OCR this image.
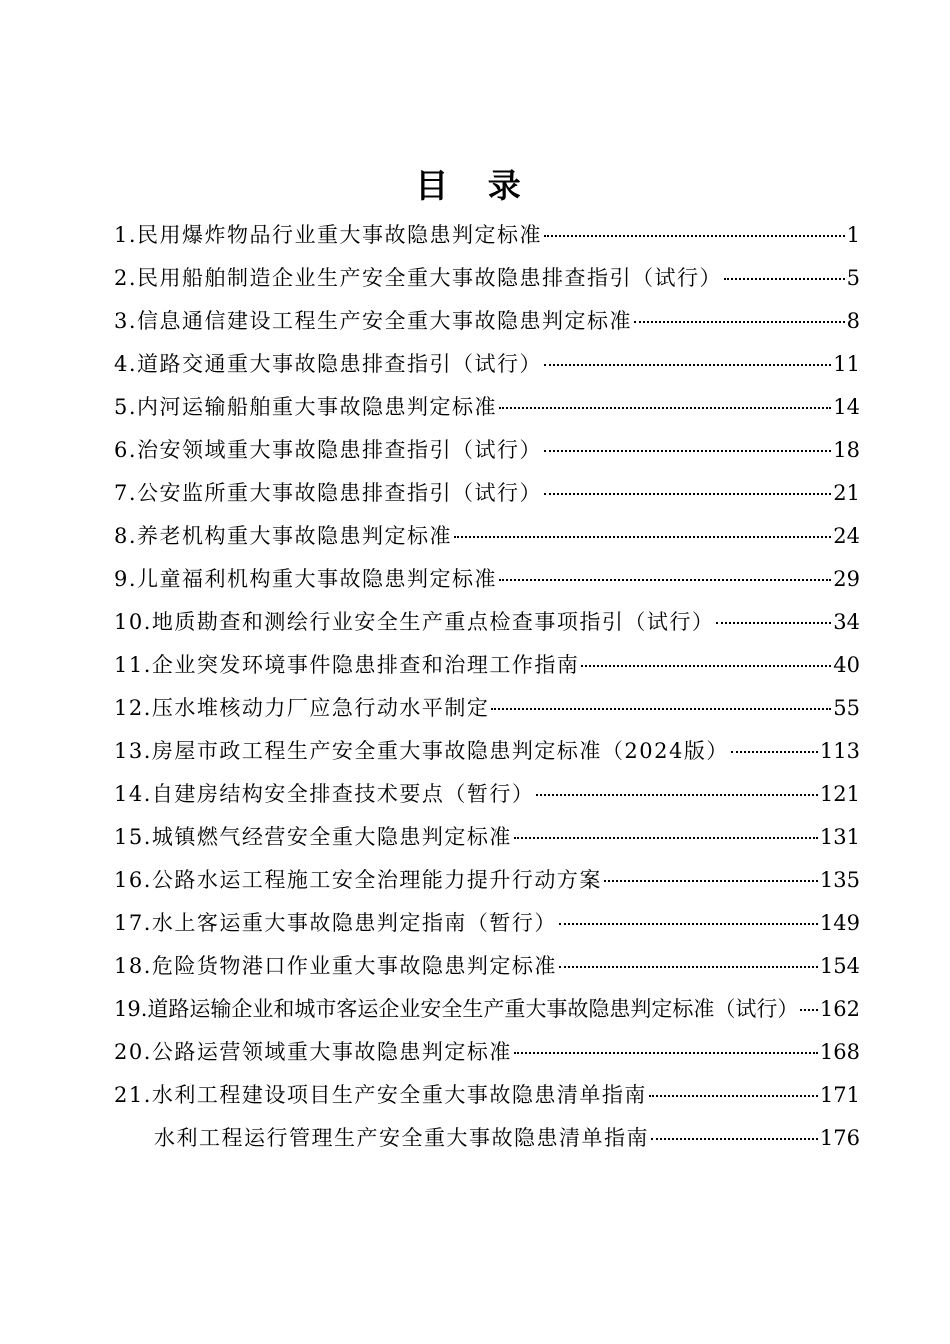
目 录
1.民用爆炸物品行业重大事故隐患判定标准	1
2.民用船舶制造企业生产安全重大事故隐患排查指引（试行）	5
3.信息通信建设工程生产安全重大事故隐患判定标准	8
4.道路交通重大事故隐患排查指引（试行）	11
5.内河运输船舶重大事故隐患判定标准	14
6.治安领域重大事故隐患排查指引（试行）	18
7.公安监所重大事故隐患排查指引（试行）	21
8.养老机构重大事故隐患判定标准	24
9.儿童福利机构重大事故隐患判定标准	29
10.地质勘查和测绘行业安全生产重点检查事项指引（试行）	34
11.企业突发环境事件隐患排查和治理工作指南	40
12.压水堆核动力厂应急行动水平制定	55
13.房屋市政工程生产安全重大事故隐患判定标准（2024版）	113
14.自建房结构安全排查技术要点（暂行）	121
15.城镇燃气经营安全重大隐患判定标准	131
16.公路水运工程施工安全治理能力提升行动方案	135
17.水上客运重大事故隐患判定指南（暂行）	149
18.危险货物港口作业重大事故隐患判定标准	154
19.道路运输企业和城市客运企业安全生产重大事故隐患判定标准（试行） 162
20.公路运营领域重大事故隐患判定标准	168
21.水利工程建设项目生产安全重大事故隐患清单指南	171
水利工程运行管理生产安全重大事故隐患清单指南	176
